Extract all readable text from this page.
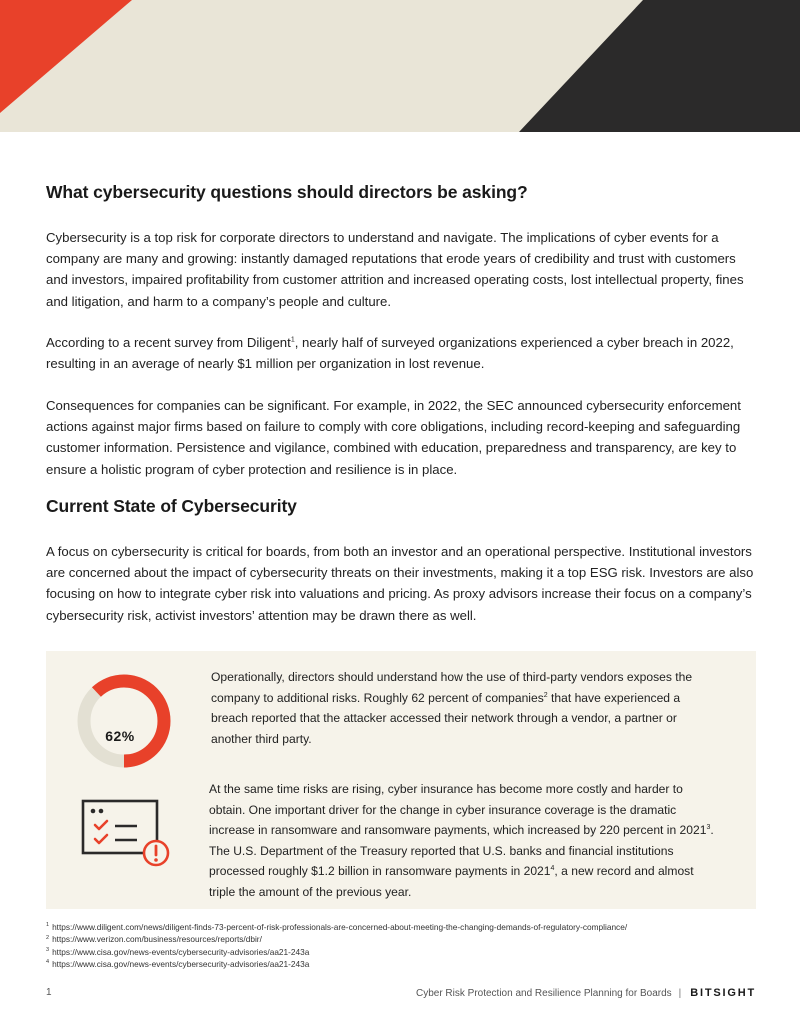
What cybersecurity questions should directors be asking?

Cybersecurity is a top risk for corporate directors to understand and navigate. The implications of cyber events for a company are many and growing: instantly damaged reputations that erode years of credibility and trust with customers and investors, impaired profitability from customer attrition and increased operating costs, lost intellectual property, fines and litigation, and harm to a company’s people and culture.

According to a recent survey from Diligent$^1$, nearly half of surveyed organizations experienced a cyber breach in 2022, resulting in an average of nearly $1 million per organization in lost revenue.

Consequences for companies can be significant. For example, in 2022, the SEC announced cybersecurity enforcement actions against major firms based on failure to comply with core obligations, including record-keeping and safeguarding customer information. Persistence and vigilance, combined with education, preparedness and transparency, are key to ensure a holistic program of cyber protection and resilience is in place.

Current State of Cybersecurity

A focus on cybersecurity is critical for boards, from both an investor and an operational perspective. Institutional investors are concerned about the impact of cybersecurity threats on their investments, making it a top ESG risk. Investors are also focusing on how to integrate cyber risk into valuations and pricing. As proxy advisors increase their focus on a company’s cybersecurity risk, activist investors’ attention may be drawn there as well.

62%

Operationally, directors should understand how the use of third-party vendors exposes the company to additional risks. Roughly 62 percent of companies$^2$ that have experienced a breach reported that the attacker accessed their network through a vendor, a partner or another third party.

At the same time risks are rising, cyber insurance has become more costly and harder to obtain. One important driver for the change in cyber insurance coverage is the dramatic increase in ransomware and ransomware payments, which increased by 220 percent in 2021$^3$. The U.S. Department of the Treasury reported that U.S. banks and financial institutions processed roughly $1.2 billion in ransomware payments in 2021$^4$, a new record and almost triple the amount of the previous year.

$^1$ https://www.diligent.com/news/diligent-finds-73-percent-of-risk-professionals-are-concerned-about-meeting-the-changing-demands-of-regulatory-compliance/
$^2$ https://www.verizon.com/business/resources/reports/dbir/
$^3$ https://www.cisa.gov/news-events/cybersecurity-advisories/aa21-243a
$^4$ https://www.cisa.gov/news-events/cybersecurity-advisories/aa21-243a
1	Cyber Risk Protection and Resilience Planning for Boards | BITSIGHT
